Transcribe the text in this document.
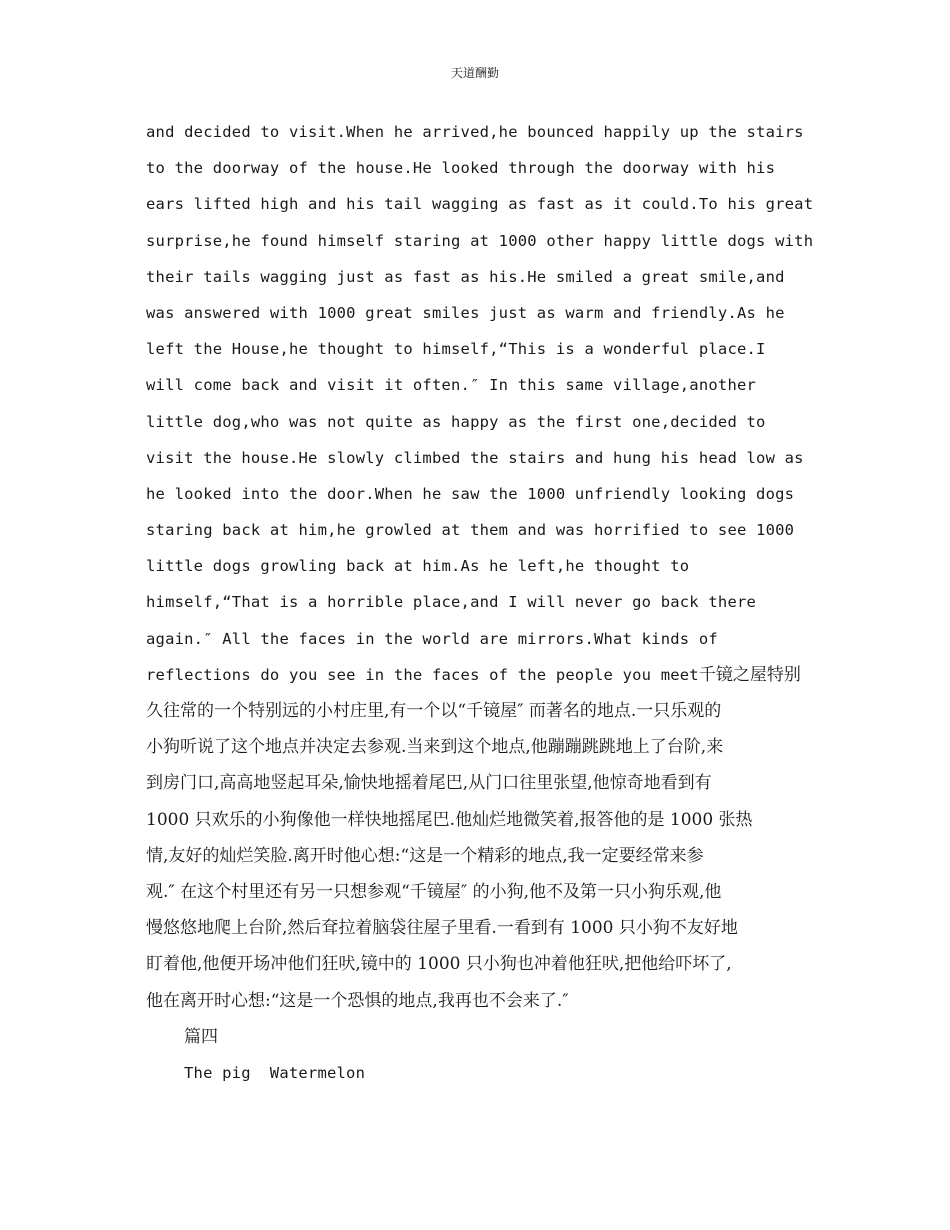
天道酬勤
and decided to visit.When he arrived,he bounced happily up the stairs
to the doorway of the house.He looked through the doorway with his
ears lifted high and his tail wagging as fast as it could.To his great
surprise,he found himself staring at 1000 other happy little dogs with
their tails wagging just as fast as his.He smiled a great smile,and
was answered with 1000 great smiles just as warm and friendly.As he
left the House,he thought to himself,“This is a wonderful place.I
will come back and visit it often.″ In this same village,another
little dog,who was not quite as happy as the first one,decided to
visit the house.He slowly climbed the stairs and hung his head low as
he looked into the door.When he saw the 1000 unfriendly looking dogs
staring back at him,he growled at them and was horrified to see 1000
little dogs growling back at him.As he left,he thought to
himself,“That is a horrible place,and I will never go back there
again.″ All the faces in the world are mirrors.What kinds of
reflections do you see in the faces of the people you meet千镜之屋特别
久往常的一个特别远的小村庄里,有一个以“千镜屋″ 而著名的地点.一只乐观的
小狗听说了这个地点并决定去参观.当来到这个地点,他蹦蹦跳跳地上了台阶,来
到房门口,高高地竖起耳朵,愉快地摇着尾巴,从门口往里张望,他惊奇地看到有
1000 只欢乐的小狗像他一样快地摇尾巴.他灿烂地微笑着,报答他的是 1000 张热
情,友好的灿烂笑脸.离开时他心想:“这是一个精彩的地点,我一定要经常来参
观.″ 在这个村里还有另一只想参观“千镜屋″ 的小狗,他不及第一只小狗乐观,他
慢悠悠地爬上台阶,然后耷拉着脑袋往屋子里看.一看到有 1000 只小狗不友好地
盯着他,他便开场冲他们狂吠,镜中的 1000 只小狗也冲着他狂吠,把他给吓坏了,
他在离开时心想:“这是一个恐惧的地点,我再也不会来了.″
篇四
The pig  Watermelon
